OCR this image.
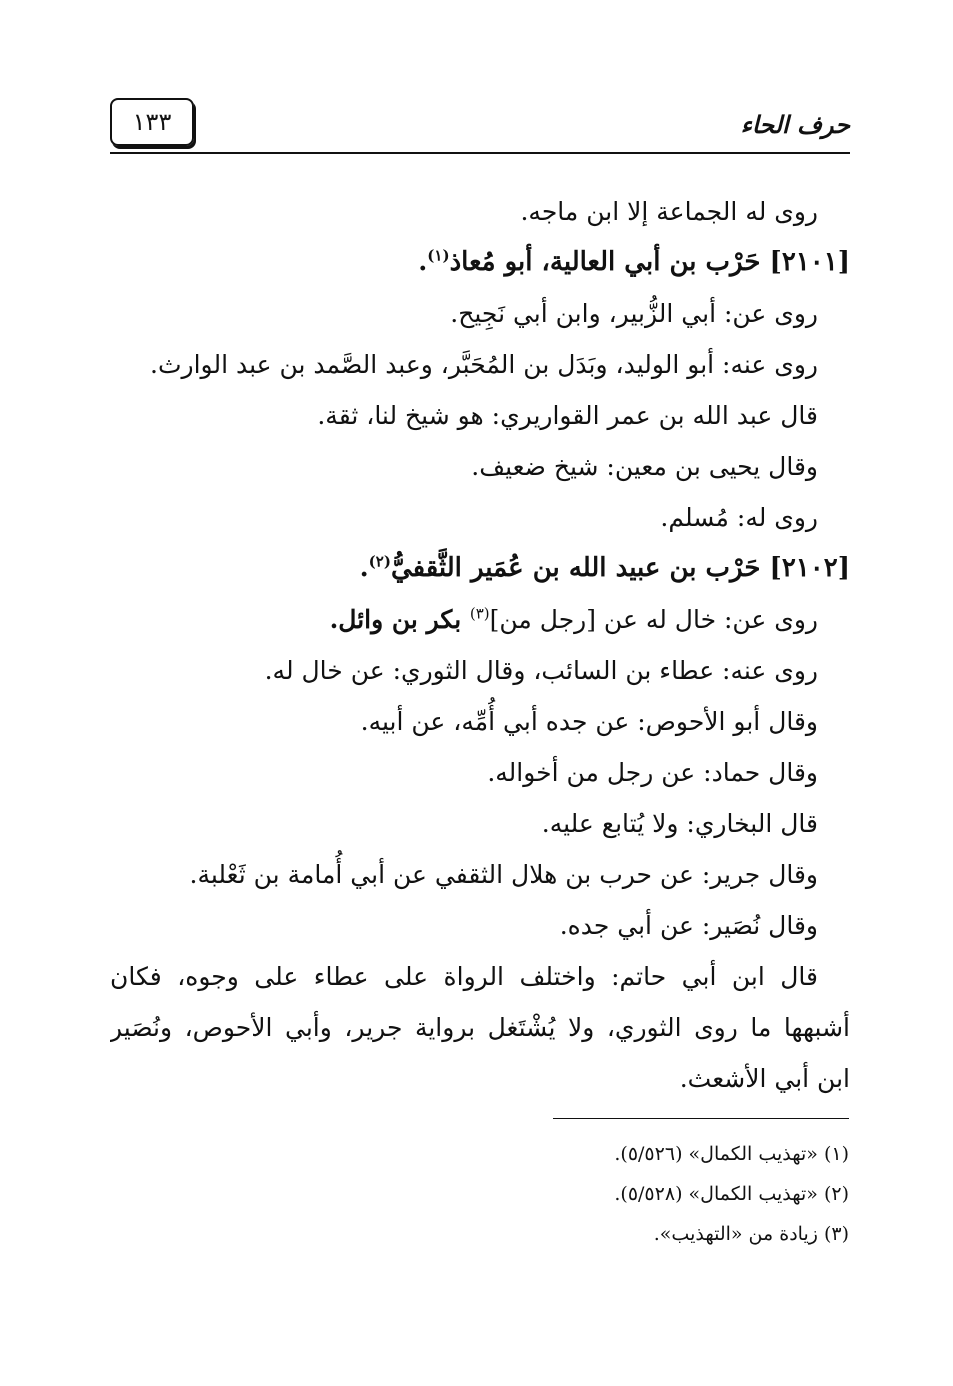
١٣٣	حرف الحاء
روى له الجماعة إلا ابن ماجه.
[٢١٠١] حَرْب بن أبي العالية، أبو مُعاذ$^{(١)}$.
روى عن: أبي الزُّبير، وابن أبي نَجِيح.
روى عنه: أبو الوليد، وبَدَل بن المُحَبَّر، وعبد الصَّمد بن عبد الوارث.
قال عبد الله بن عمر القواريري: هو شيخ لنا، ثقة.
وقال يحيى بن معين: شيخ ضعيف.
روى له: مُسلم.
[٢١٠٢] حَرْب بن عبيد الله بن عُمَير الثَّقفيُّ$^{(٢)}$.
روى عن: خال له عن [رجل من]$^{(٣)}$ بكر بن وائل.
روى عنه: عطاء بن السائب، وقال الثوري: عن خال له.
وقال أبو الأحوص: عن جده أبي أُمِّه، عن أبيه.
وقال حماد: عن رجل من أخواله.
قال البخاري: ولا يُتابع عليه.
وقال جرير: عن حرب بن هلال الثقفي عن أبي أُمامة بن ثَعْلبة.
وقال نُصَير: عن أبي جده.
قال ابن أبي حاتم: واختلف الرواة على عطاء على وجوه، فكان
أشبهها ما روى الثوري، ولا يُشْتَغل برواية جرير، وأبي الأحوص، ونُصَير
ابن أبي الأشعث.
(١) «تهذيب الكمال» (٥/٥٢٦).
(٢) «تهذيب الكمال» (٥/٥٢٨).
(٣) زيادة من «التهذيب».
